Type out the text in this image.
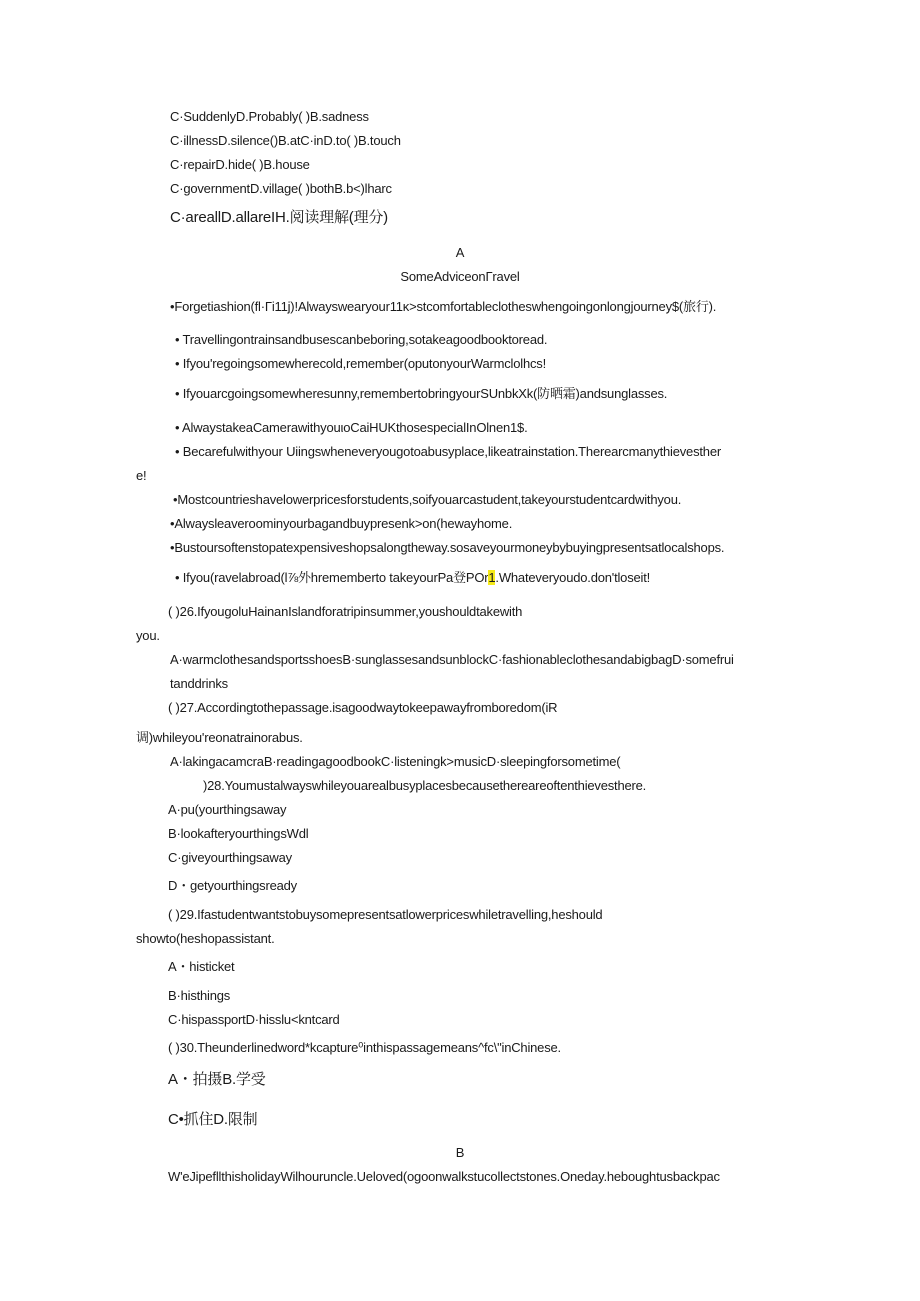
C·SuddenlyD.Probably( )B.sadness
C·illnessD.silence()B.atC·inD.to( )B.touch
C·repairD.hide( )B.house
C·governmentD.village( )bothB.b<)lharc
C·areallD.allareIH.阅读理解(理分)
A
SomeAdviceonΓravel
•Forgetiashion(fl·Γi11j)!Alwayswearyour11κ>stcomfortableclotheswhengoingonlongjourney$(旅行).
• Travellingontrainsandbusescanbeboring,sotakeagoodbooktoread.
• Ifyou'regoingsomewherecold,remember(oputonyourWarmclolhcs!
• Ifyouarcgoingsomewheresunny,remembertobringyourSUnbkXk(防晒霜)andsunglasses.
• AlwaystakeaCamerawithyouιoCaiHUKthosespecialInOlnen1$.
• Becarefulwithyour Uiingswheneveryougotoabusyplace,likeatrainstation.Therearcmanythievesther
e!
•Mostcountrieshavelowerpricesforstudents,soifyouarcastudent,takeyourstudentcardwithyou.
•Alwaysleaveroominyourbagandbuypresenk>on(hewayhome.
•Bustoursoftenstopatexpensiveshopsalongtheway.sosaveyourmoneybybuyingpresentsatlocalshops.
• Ifyou(ravelabroad(l⅞外hrememberto takeyourPa登POr1.Whateveryoudo.don'tloseit!
( )26.IfyougoluHainanIslandforatripinsummer,youshouldtakewith
you.
A·warmclothesandsportsshoesB·sunglassesandsunblockC·fashionableclothesandabigbagD·somefrui
tanddrinks
( )27.Accordingtothepassage.isagoodwaytokeepawayfromboredom(iR
调)whileyou'reonatrainorabus.
A·lakingacamcraB·readingagoodbookC·listeningk>musicD·sleepingforsometime(
)28.Youmustalwayswhileyouarealbusyplacesbecausethereareoftenthievesthere.
A·pu(yourthingsaway
B·lookafteryourthingsWdl
C·giveyourthingsaway
D・getyourthingsready
( )29.Ifastudentwantstobuysomepresentsatlowerpriceswhiletravelling,heshould
showto(heshopassistant.
A・histicket
B·histhings
C·hispassportD·hisslu<kntcard
( )30.Theunderlinedword*kcapture⁰inthispassagemeans^fc\"inChinese.
A・拍摄B.学受
C•抓住D.限制
B
W'eJipefllthisholidayWilhouruncle.Uеloved(ogoonwalkstucollectstones.Oneday.heboughtusbackpac
